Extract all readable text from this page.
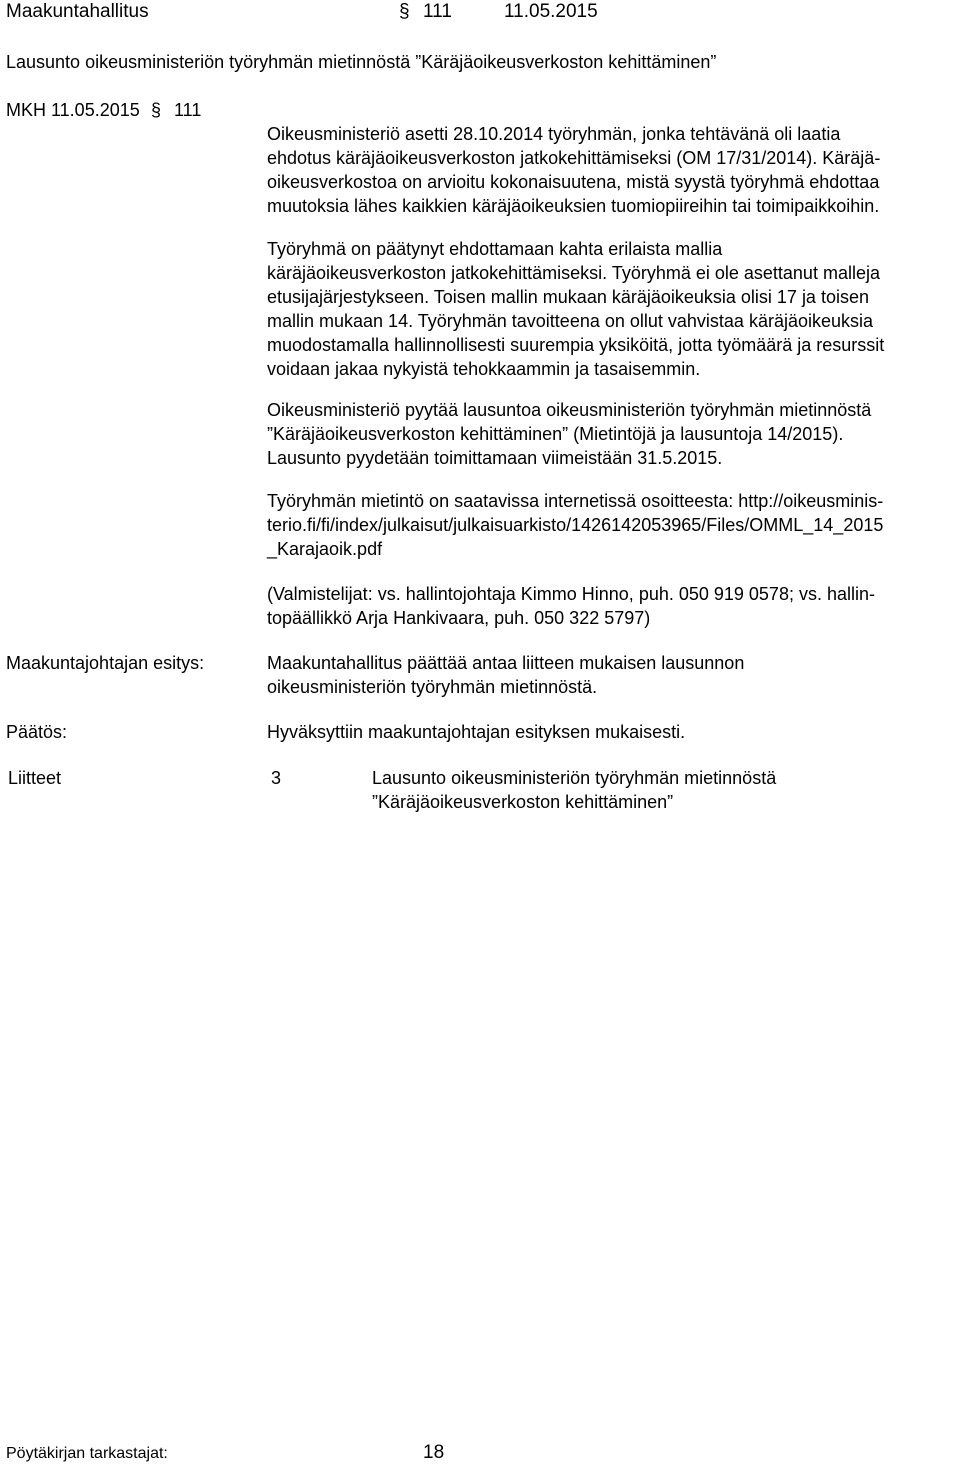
Maakuntahallitus	§ 111	11.05.2015
Lausunto oikeusministeriön työryhmän mietinnöstä ”Käräjäoikeusverkoston kehittäminen”
MKH 11.05.2015 § 111
Oikeusministeriö asetti 28.10.2014 työryhmän, jonka tehtävänä oli laatia
ehdotus käräjäoikeusverkoston jatkokehittämiseksi (OM 17/31/2014). Käräjä-
oikeusverkostoa on arvioitu kokonaisuutena, mistä syystä työryhmä ehdottaa
muutoksia lähes kaikkien käräjäoikeuksien tuomiopiireihin tai toimipaikkoihin.
Työryhmä on päätynyt ehdottamaan kahta erilaista mallia
käräjäoikeusverkoston jatkokehittämiseksi. Työryhmä ei ole asettanut malleja
etusijajärjestykseen. Toisen mallin mukaan käräjäoikeuksia olisi 17 ja toisen
mallin mukaan 14. Työryhmän tavoitteena on ollut vahvistaa käräjäoikeuksia
muodostamalla hallinnollisesti suurempia yksiköitä, jotta työmäärä ja resurssit
voidaan jakaa nykyistä tehokkaammin ja tasaisemmin.
Oikeusministeriö pyytää lausuntoa oikeusministeriön työryhmän mietinnöstä
”Käräjäoikeusverkoston kehittäminen” (Mietintöjä ja lausuntoja 14/2015).
Lausunto pyydetään toimittamaan viimeistään 31.5.2015.
Työryhmän mietintö on saatavissa internetissä osoitteesta: http://oikeusminis-
terio.fi/fi/index/julkaisut/julkaisuarkisto/1426142053965/Files/OMML_14_2015
_Karajaoik.pdf
(Valmistelijat: vs. hallintojohtaja Kimmo Hinno, puh. 050 919 0578; vs. hallin-
topäällikkö Arja Hankivaara, puh. 050 322 5797)
Maakuntajohtajan esitys:	Maakuntahallitus päättää antaa liitteen mukaisen lausunnon
oikeusministeriön työryhmän mietinnöstä.
Päätös:	Hyväksyttiin maakuntajohtajan esityksen mukaisesti.
Liitteet	3	Lausunto oikeusministeriön työryhmän mietinnöstä
”Käräjäoikeusverkoston kehittäminen”
Pöytäkirjan tarkastajat:	18
